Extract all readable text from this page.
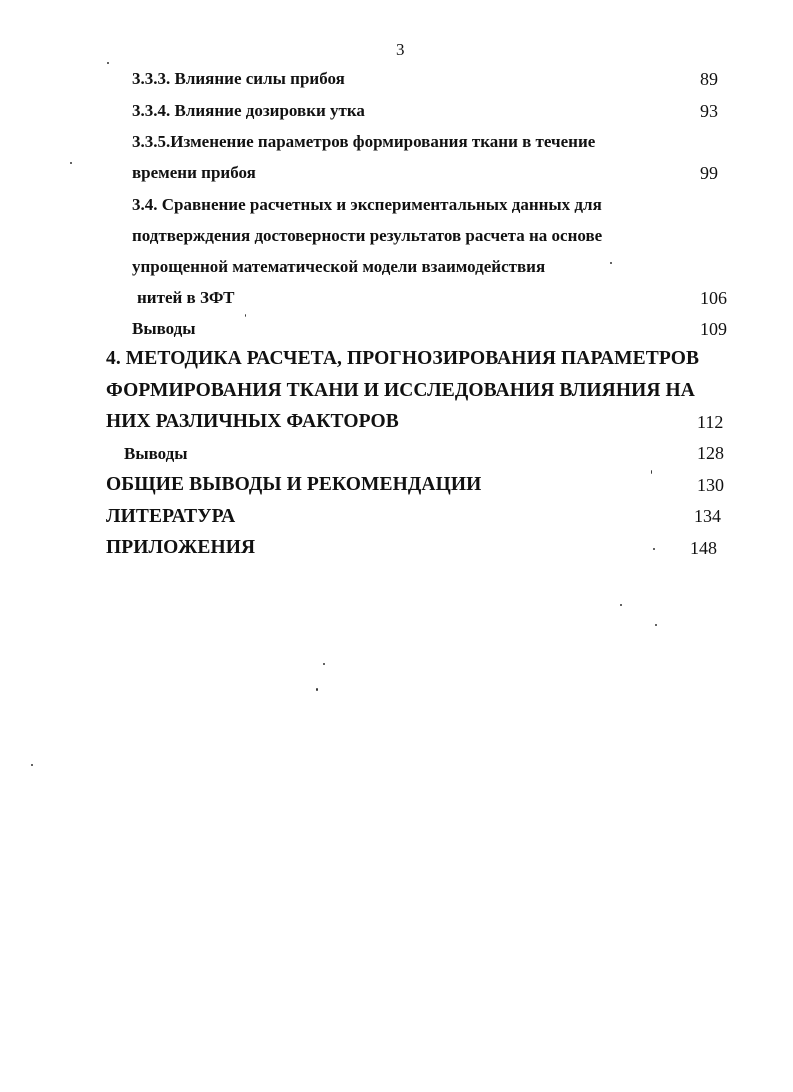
3
3.3.3. Влияние силы прибоя	89
3.3.4. Влияние дозировки утка	93
3.3.5.Изменение параметров формирования ткани в течение
времени прибоя	99
3.4. Сравнение расчетных и экспериментальных данных для
подтверждения достоверности результатов расчета на основе
упрощенной математической модели взаимодействия
нитей в ЗФТ	106
Выводы	109
4. МЕТОДИКА РАСЧЕТА, ПРОГНОЗИРОВАНИЯ ПАРАМЕТРОВ
ФОРМИРОВАНИЯ ТКАНИ И ИССЛЕДОВАНИЯ ВЛИЯНИЯ НА
НИХ РАЗЛИЧНЫХ ФАКТОРОВ	112
Выводы	128
ОБЩИЕ ВЫВОДЫ И РЕКОМЕНДАЦИИ	130
ЛИТЕРАТУРА	134
ПРИЛОЖЕНИЯ	148
